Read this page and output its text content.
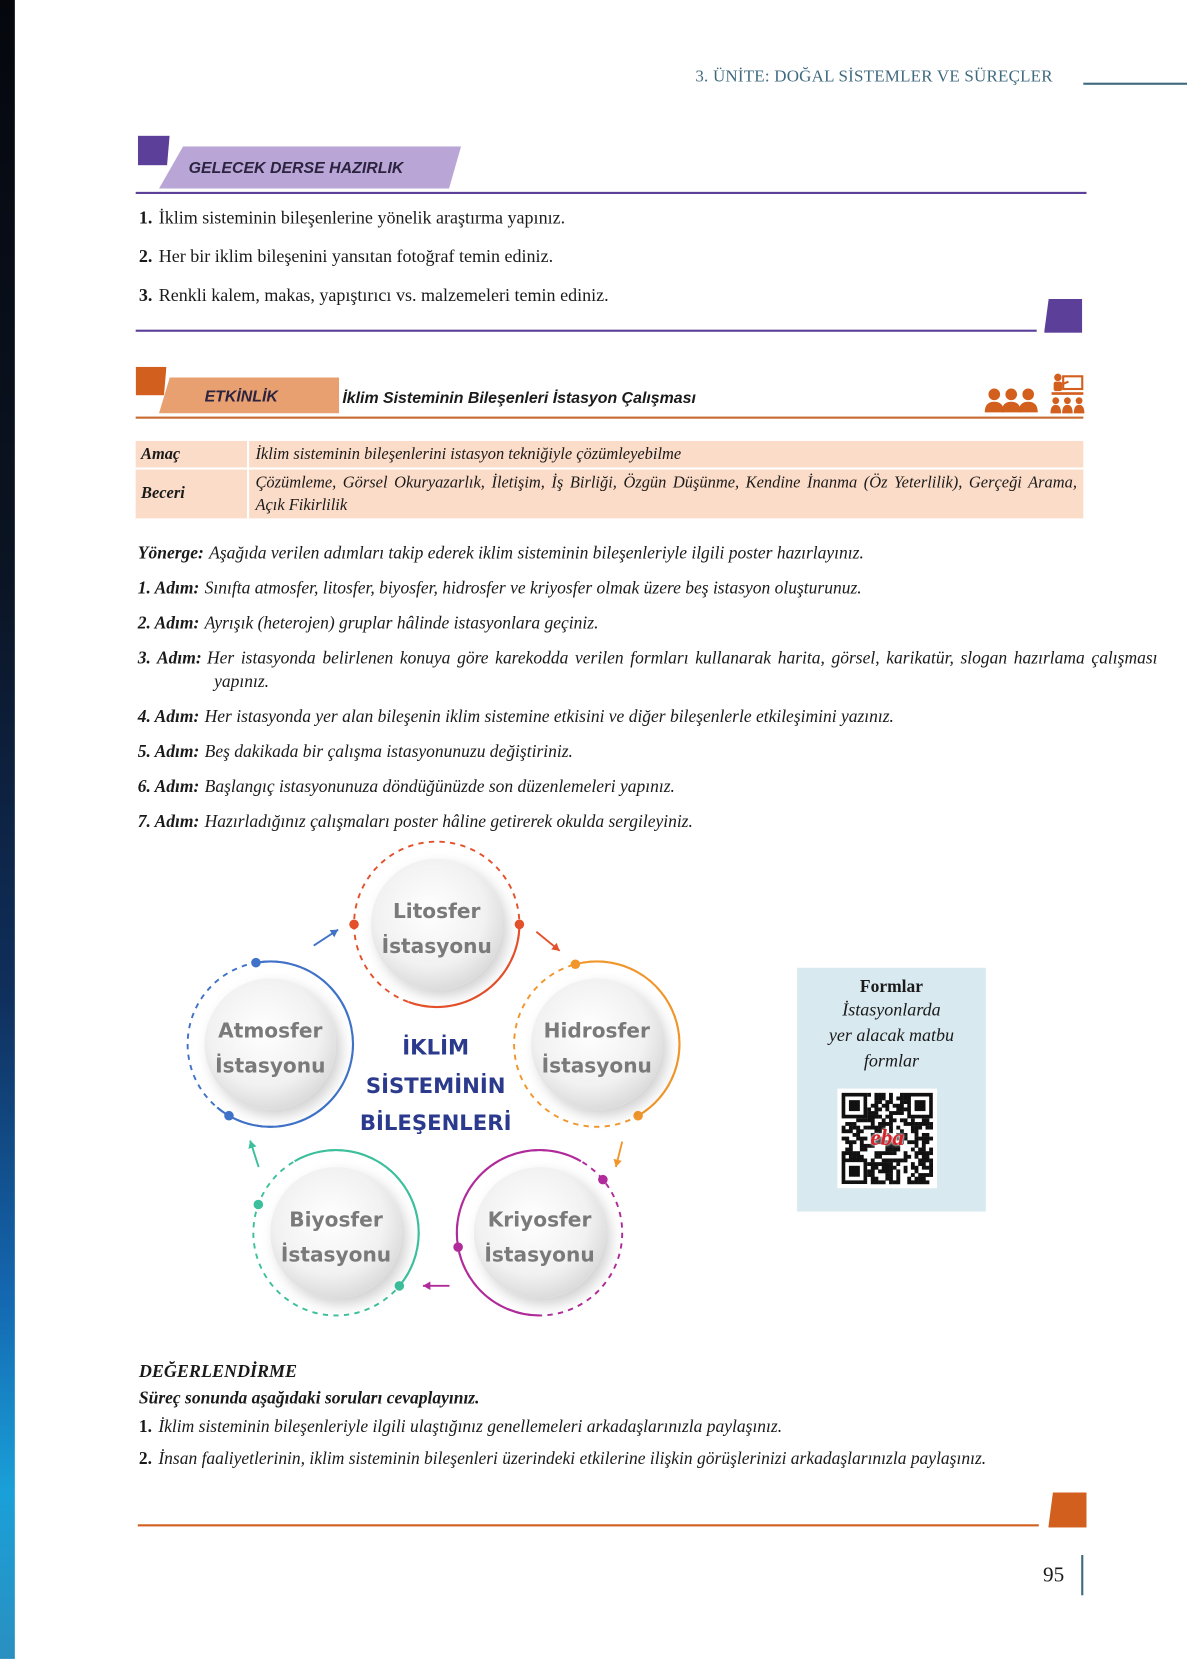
3. ÜNİTE: DOĞAL SİSTEMLER VE SÜREÇLER
GELECEK DERSE HAZIRLIK
1. İklim sisteminin bileşenlerine yönelik araştırma yapınız.
2. Her bir iklim bileşenini yansıtan fotoğraf temin ediniz.
3. Renkli kalem, makas, yapıştırıcı vs. malzemeleri temin ediniz.
ETKİNLİK	İklim Sisteminin Bileşenleri İstasyon Çalışması
Amaç	İklim sisteminin bileşenlerini istasyon tekniğiyle çözümleyebilme
Beceri
Çözümleme, Görsel Okuryazarlık, İletişim, İş Birliği, Özgün Düşünme, Kendine İnanma (Öz Yeterlilik), Gerçeği Arama, Açık Fikirlilik
Yönerge: Aşağıda verilen adımları takip ederek iklim sisteminin bileşenleriyle ilgili poster hazırlayınız.
1. Adım: Sınıfta atmosfer, litosfer, biyosfer, hidrosfer ve kriyosfer olmak üzere beş istasyon oluşturunuz.
2. Adım: Ayrışık (heterojen) gruplar hâlinde istasyonlara geçiniz.
3. Adım: Her istasyonda belirlenen konuya göre karekodda verilen formları kullanarak harita, görsel, karikatür, slogan hazırlama çalışması yapınız.
4. Adım: Her istasyonda yer alan bileşenin iklim sistemine etkisini ve diğer bileşenlerle etkileşimini yazınız.
5. Adım: Beş dakikada bir çalışma istasyonunuzu değiştiriniz.
6. Adım: Başlangıç istasyonunuza döndüğünüzde son düzenlemeleri yapınız.
7. Adım: Hazırladığınız çalışmaları poster hâline getirerek okulda sergileyiniz.
Litosfer
İstasyonu
Hidrosfer
İstasyonu
Kriyosfer
İstasyonu
Biyosfer
İstasyonu
Atmosfer
İstasyonu
İKLİM
SİSTEMİNİN
BİLEŞENLERİ
Formlar
İstasyonlarda
yer alacak matbu
formlar
eba
DEĞERLENDİRME
Süreç sonunda aşağıdaki soruları cevaplayınız.
1. İklim sisteminin bileşenleriyle ilgili ulaştığınız genellemeleri arkadaşlarınızla paylaşınız.
2. İnsan faaliyetlerinin, iklim sisteminin bileşenleri üzerindeki etkilerine ilişkin görüşlerinizi arkadaşlarınızla paylaşınız.
95
